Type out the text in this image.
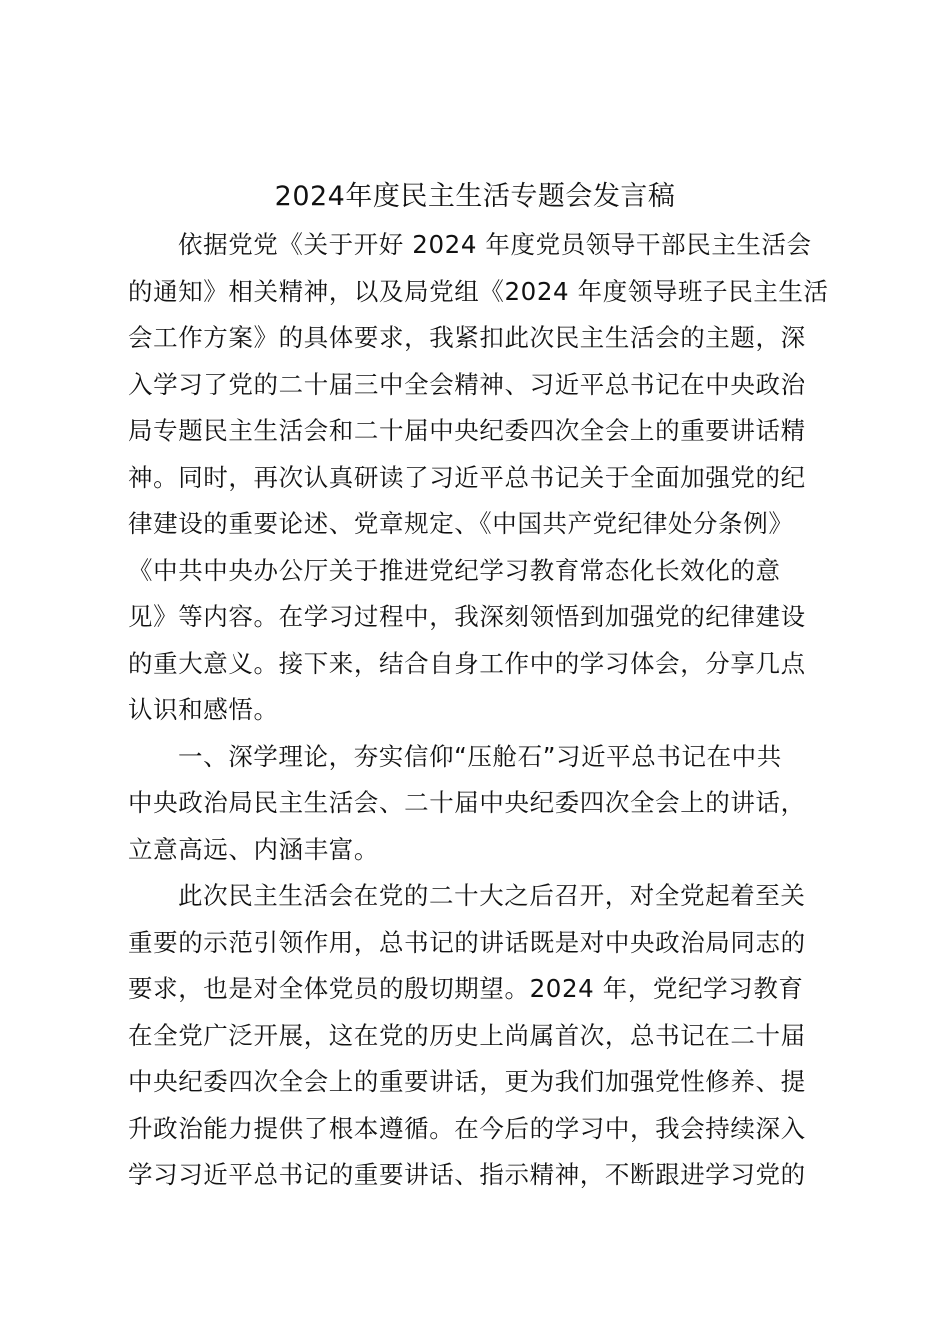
2024年度民主生活专题会发言稿
依据党党《关于开好 2024 年度党员领导干部民主生活会
的通知》相关精神，以及局党组《2024 年度领导班子民主生活
会工作方案》的具体要求，我紧扣此次民主生活会的主题，深
入学习了党的二十届三中全会精神、习近平总书记在中央政治
局专题民主生活会和二十届中央纪委四次全会上的重要讲话精
神。同时，再次认真研读了习近平总书记关于全面加强党的纪
律建设的重要论述、党章规定、《中国共产党纪律处分条例》
《中共中央办公厅关于推进党纪学习教育常态化长效化的意
见》等内容。在学习过程中，我深刻领悟到加强党的纪律建设
的重大意义。接下来，结合自身工作中的学习体会，分享几点
认识和感悟。
一、深学理论，夯实信仰“压舱石”习近平总书记在中共
中央政治局民主生活会、二十届中央纪委四次全会上的讲话，
立意高远、内涵丰富。
此次民主生活会在党的二十大之后召开，对全党起着至关
重要的示范引领作用，总书记的讲话既是对中央政治局同志的
要求，也是对全体党员的殷切期望。2024 年，党纪学习教育
在全党广泛开展，这在党的历史上尚属首次，总书记在二十届
中央纪委四次全会上的重要讲话，更为我们加强党性修养、提
升政治能力提供了根本遵循。在今后的学习中，我会持续深入
学习习近平总书记的重要讲话、指示精神，不断跟进学习党的
